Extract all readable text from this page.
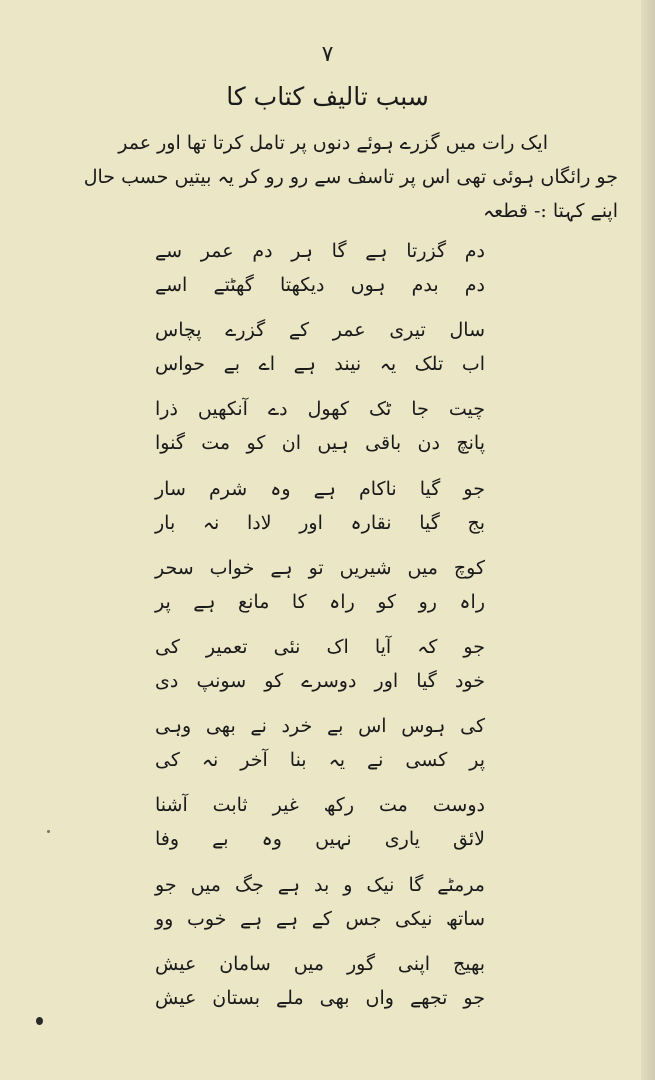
۷
سبب تالیف کتاب کا
ایک رات میں گزرے ہوئے دنوں پر تامل کرتا تھا اور عمر
جو رائگاں ہوئی تھی اس پر تاسف سے رو رو کر یہ بیتیں حسب حال
اپنے کہتا :- قطعہ
دم گزرتا ہے گا ہر دم عمر سے
دم بدم ہوں دیکھتا گھٹتے اسے
سال تیری عمر کے گزرے پچاس
اب تلک یہ نیند ہے اے بے حواس
چیت جا ٹک کھول دے آنکھیں ذرا
پانچ دن باقی ہیں ان کو مت گنوا
جو گیا ناکام ہے وہ شرم سار
بج گیا نقارہ اور لادا نہ بار
کوچ میں شیریں تو ہے خواب سحر
راہ رو کو راہ کا مانع ہے پر
جو کہ آیا اک نئی تعمیر کی
خود گیا اور دوسرے کو سونپ دی
کی ہوس اس بے خرد نے بھی وہی
پر کسی نے یہ بنا آخر نہ کی
دوست مت رکھ غیر ثابت آشنا
لائق یاری نہیں وہ بے وفا
مرمٹے گا نیک و بد ہے جگ میں جو
ساتھ نیکی جس کے ہے ہے خوب وو
بھیج اپنی گور میں سامان عیش
جو تجھے واں بھی ملے بستان عیش
